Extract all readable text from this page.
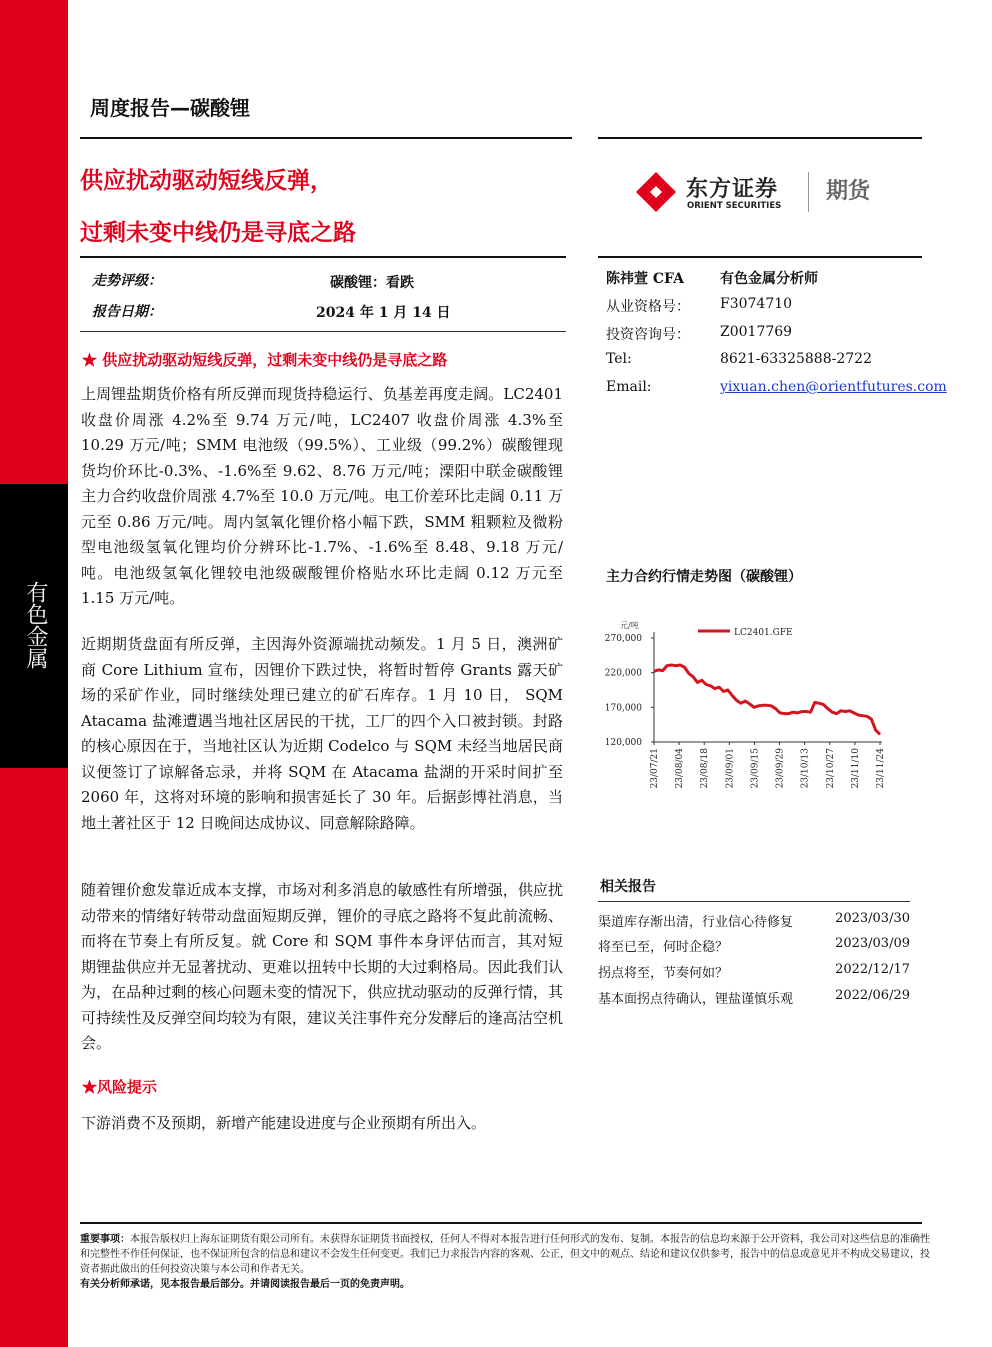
有色金属
周度报告—碳酸锂
供应扰动驱动短线反弹，
过剩未变中线仍是寻底之路
东方证券
ORIENT SECURITIES
期货
走势评级：	碳酸锂：看跌
报告日期：	2024 年 1 月 14 日
陈祎萱 CFA	有色金属分析师
从业资格号： F3074710
投资咨询号： Z0017769
Tel:	8621-63325888-2722
Email:	yixuan.chen@orientfutures.com
★ 供应扰动驱动短线反弹，过剩未变中线仍是寻底之路
上周锂盐期货价格有所反弹而现货持稳运行、负基差再度走阔。LC2401 收盘价周涨 4.2%至 9.74 万元/吨，LC2407 收盘价周涨 4.3%至 10.29 万元/吨；SMM 电池级（99.5%）、工业级（99.2%）碳酸锂现货均价环比-0.3%、-1.6%至 9.62、8.76 万元/吨；溧阳中联金碳酸锂主力合约收盘价周涨 4.7%至 10.0 万元/吨。电工价差环比走阔 0.11 万元至 0.86 万元/吨。周内氢氧化锂价格小幅下跌，SMM 粗颗粒及微粉型电池级氢氧化锂均价分辨环比-1.7%、-1.6%至 8.48、9.18 万元/吨。电池级氢氧化锂较电池级碳酸锂价格贴水环比走阔 0.12 万元至 1.15 万元/吨。
近期期货盘面有所反弹，主因海外资源端扰动频发。1 月 5 日，澳洲矿商 Core Lithium 宣布，因锂价下跌过快，将暂时暂停 Grants 露天矿场的采矿作业，同时继续处理已建立的矿石库存。1 月 10 日， SQM Atacama 盐滩遭遇当地社区居民的干扰，工厂的四个入口被封锁。封路的核心原因在于，当地社区认为近期 Codelco 与 SQM 未经当地居民商议便签订了谅解备忘录，并将 SQM 在 Atacama 盐湖的开采时间扩至 2060 年，这将对环境的影响和损害延长了 30 年。后据彭博社消息，当地土著社区于 12 日晚间达成协议、同意解除路障。
随着锂价愈发靠近成本支撑，市场对利多消息的敏感性有所增强，供应扰动带来的情绪好转带动盘面短期反弹，锂价的寻底之路将不复此前流畅、而将在节奏上有所反复。就 Core 和 SQM 事件本身评估而言，其对短期锂盐供应并无显著扰动、更难以扭转中长期的大过剩格局。因此我们认为，在品种过剩的核心问题未变的情况下，供应扰动驱动的反弹行情，其可持续性及反弹空间均较为有限，建议关注事件充分发酵后的逢高沽空机会。
★风险提示
下游消费不及预期，新增产能建设进度与企业预期有所出入。
主力合约行情走势图（碳酸锂）
元/吨
270,000
220,000
170,000
120,000
23/07/21 23/08/04 23/08/18 23/09/01 23/09/15 23/09/29 23/10/13 23/10/27 23/11/10 23/11/24
LC2401.GFE
相关报告
渠道库存渐出清，行业信心待修复	2023/03/30
将至已至，何时企稳？	2023/03/09
拐点将至，节奏何如？	2022/12/17
基本面拐点待确认，锂盐谨慎乐观	2022/06/29

重要事项：本报告版权归上海东证期货有限公司所有。未获得东证期货书面授权，任何人不得对本报告进行任何形式的发布、复制。本报告的信息均来源于公开资料，我公司对这些信息的准确性和完整性不作任何保证，也不保证所包含的信息和建议不会发生任何变更。我们已力求报告内容的客观、公正，但文中的观点、结论和建议仅供参考，报告中的信息或意见并不构成交易建议，投资者据此做出的任何投资决策与本公司和作者无关。

有关分析师承诺，见本报告最后部分。并请阅读报告最后一页的免责声明。
